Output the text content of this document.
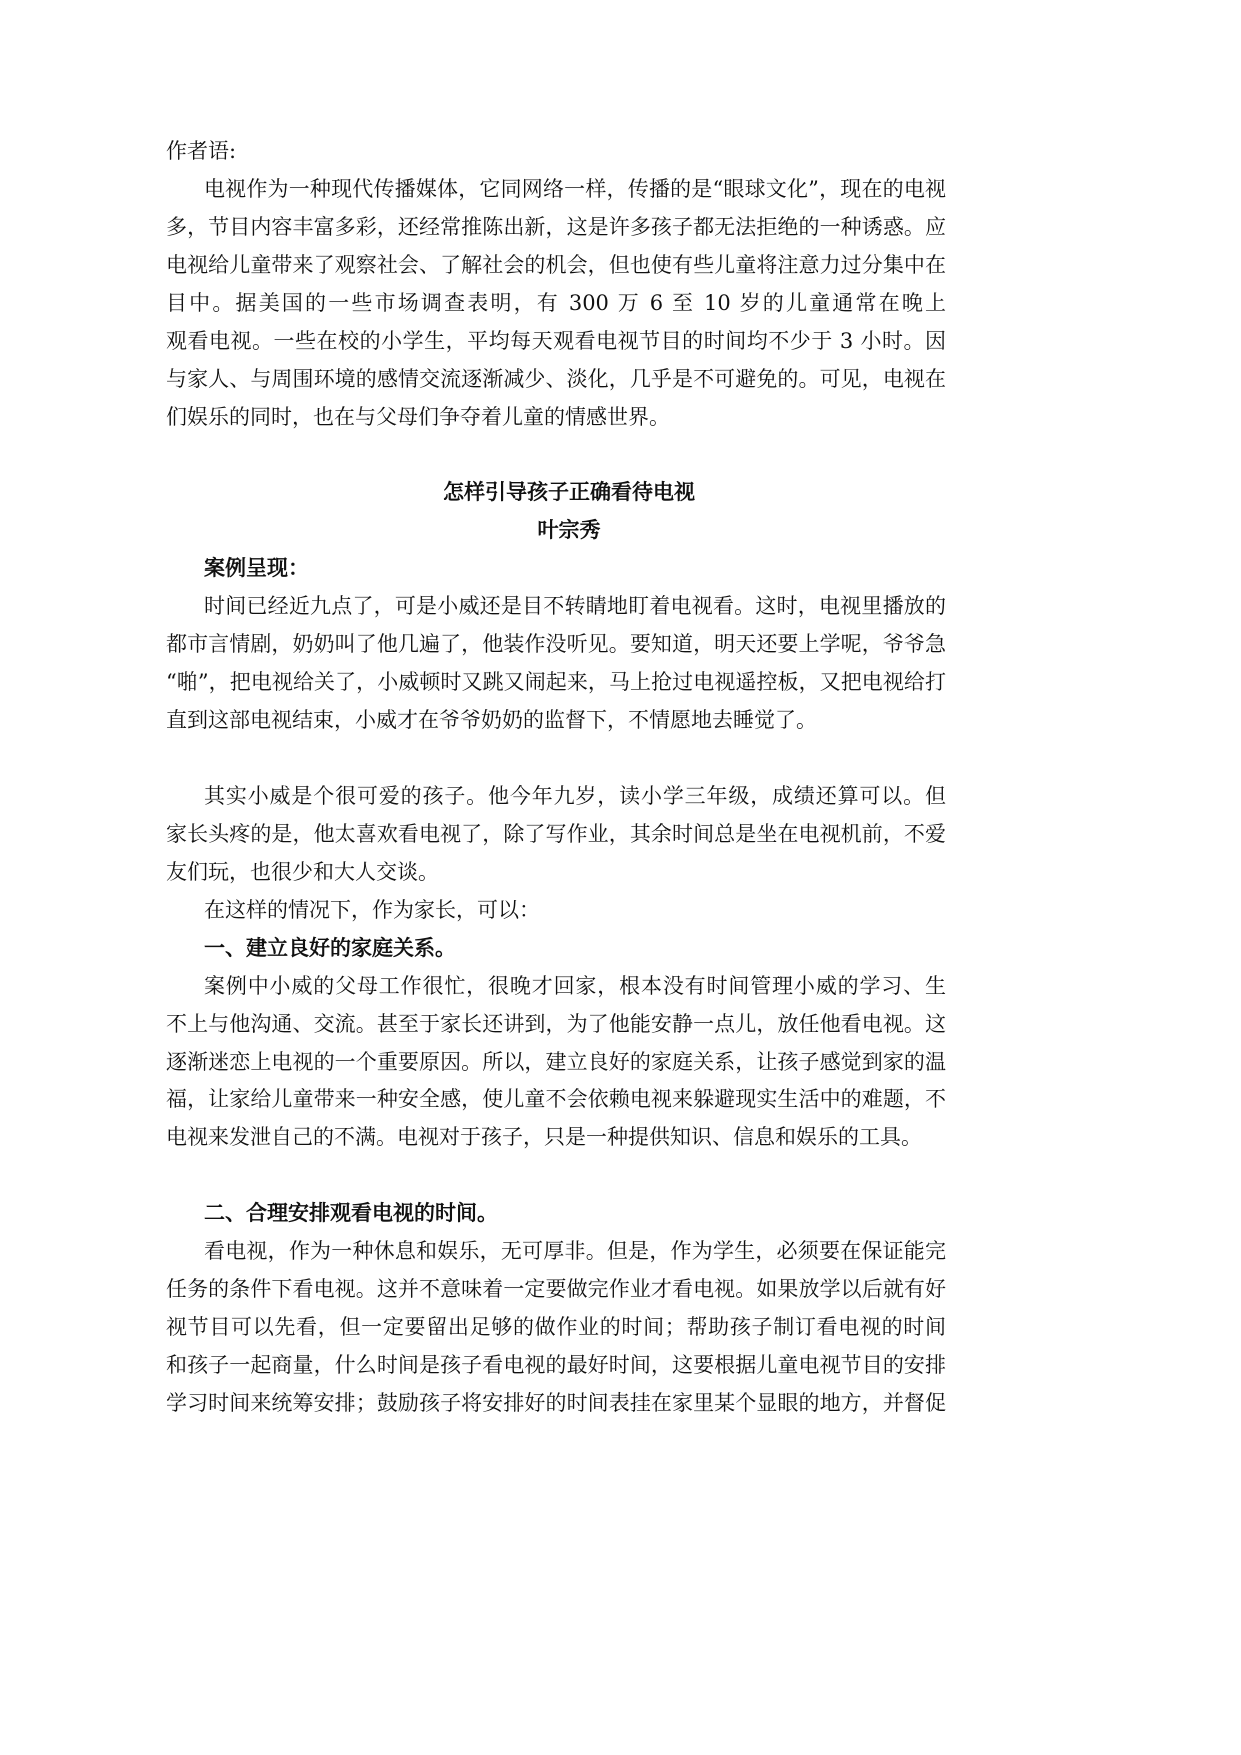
作者语:
电视作为一种现代传播媒体，它同网络一样，传播的是“眼球文化”，现在的电视
多，节目内容丰富多彩，还经常推陈出新，这是许多孩子都无法拒绝的一种诱惑。应
电视给儿童带来了观察社会、了解社会的机会，但也使有些儿童将注意力过分集中在
目中。据美国的一些市场调查表明，有 300 万 6 至 10 岁的儿童通常在晚上
观看电视。一些在校的小学生，平均每天观看电视节目的时间均不少于 3 小时。因
与家人、与周围环境的感情交流逐渐减少、淡化，几乎是不可避免的。可见，电视在
们娱乐的同时，也在与父母们争夺着儿童的情感世界。
怎样引导孩子正确看待电视
叶宗秀
案例呈现：
时间已经近九点了，可是小威还是目不转睛地盯着电视看。这时，电视里播放的
都市言情剧，奶奶叫了他几遍了，他装作没听见。要知道，明天还要上学呢，爷爷急
“啪”，把电视给关了，小威顿时又跳又闹起来，马上抢过电视遥控板，又把电视给打
直到这部电视结束，小威才在爷爷奶奶的监督下，不情愿地去睡觉了。
其实小威是个很可爱的孩子。他今年九岁，读小学三年级，成绩还算可以。但
家长头疼的是，他太喜欢看电视了，除了写作业，其余时间总是坐在电视机前，不爱
友们玩，也很少和大人交谈。
在这样的情况下，作为家长，可以：
一、建立良好的家庭关系。
案例中小威的父母工作很忙，很晚才回家，根本没有时间管理小威的学习、生
不上与他沟通、交流。甚至于家长还讲到，为了他能安静一点儿，放任他看电视。这
逐渐迷恋上电视的一个重要原因。所以，建立良好的家庭关系，让孩子感觉到家的温
福，让家给儿童带来一种安全感，使儿童不会依赖电视来躲避现实生活中的难题，不
电视来发泄自己的不满。电视对于孩子，只是一种提供知识、信息和娱乐的工具。
二、合理安排观看电视的时间。
看电视，作为一种休息和娱乐，无可厚非。但是，作为学生，必须要在保证能完
任务的条件下看电视。这并不意味着一定要做完作业才看电视。如果放学以后就有好
视节目可以先看，但一定要留出足够的做作业的时间；帮助孩子制订看电视的时间
和孩子一起商量，什么时间是孩子看电视的最好时间，这要根据儿童电视节目的安排
学习时间来统筹安排；鼓励孩子将安排好的时间表挂在家里某个显眼的地方，并督促
